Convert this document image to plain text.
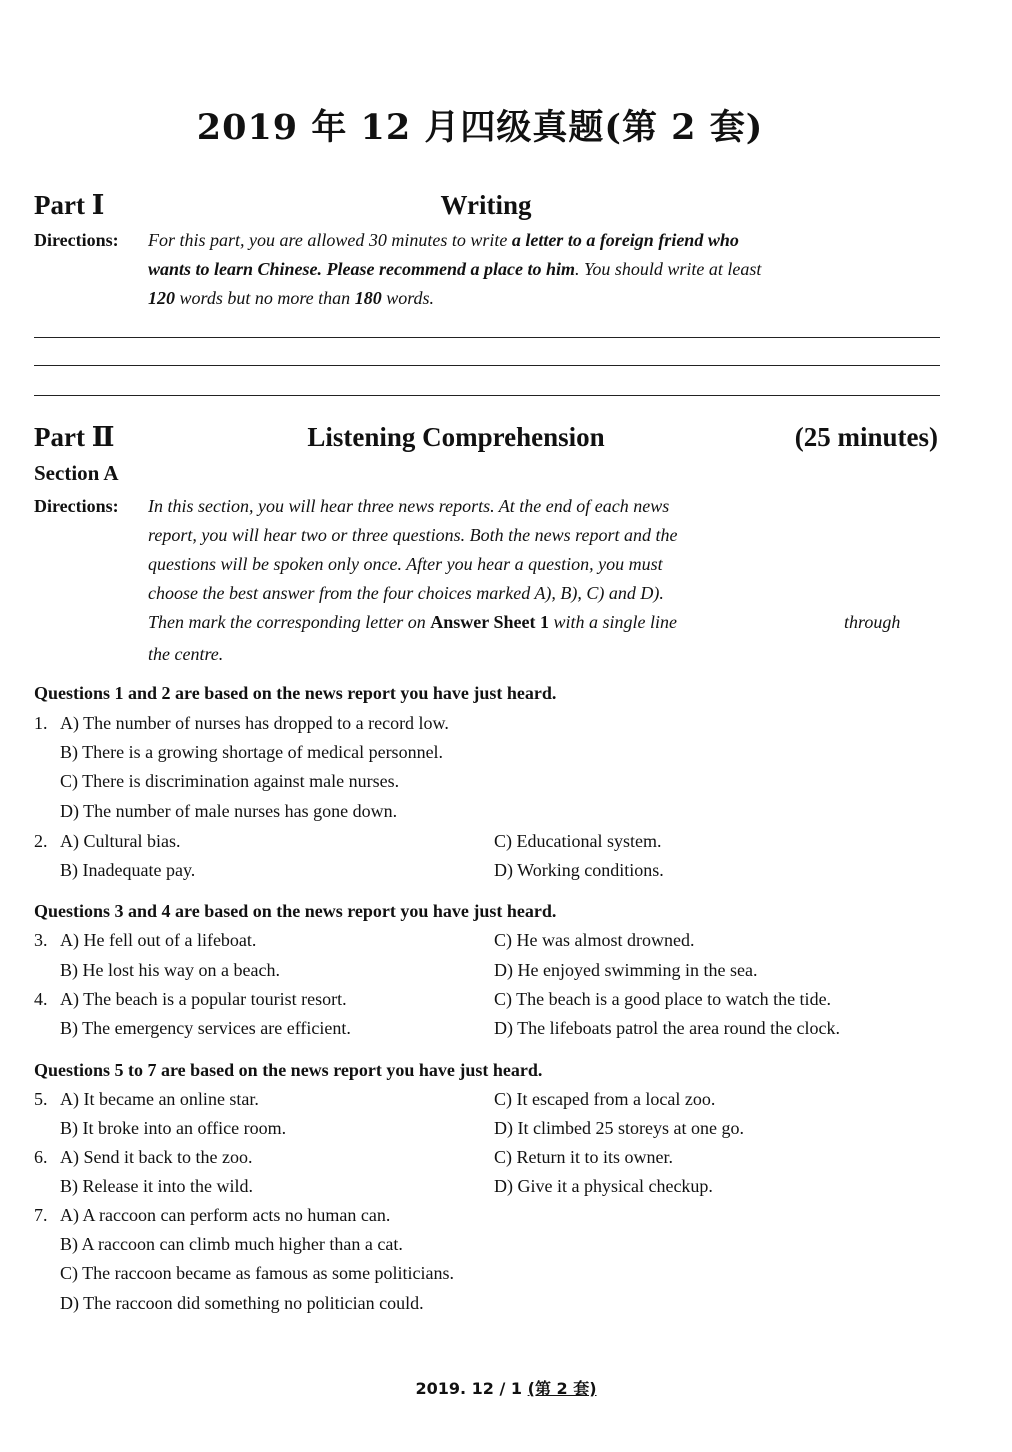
2019 年 12 月四级真题(第 2 套)
Part Ⅰ	Writing
Directions: For this part, you are allowed 30 minutes to write a letter to a foreign friend who
wants to learn Chinese. Please recommend a place to him. You should write at least
120 words but no more than 180 words.
Part Ⅱ	Listening Comprehension	(25 minutes)
Section A
Directions: In this section, you will hear three news reports. At the end of each news
report, you will hear two or three questions. Both the news report and the
questions will be spoken only once. After you hear a question, you must
choose the best answer from the four choices marked A), B), C) and D).
Then mark the corresponding letter on Answer Sheet 1 with a single line	through
the centre.
Questions 1 and 2 are based on the news report you have just heard.
1. A) The number of nurses has dropped to a record low.
B) There is a growing shortage of medical personnel.
C) There is discrimination against male nurses.
D) The number of male nurses has gone down.
2. A) Cultural bias.	C) Educational system.
B) Inadequate pay.	D) Working conditions.
Questions 3 and 4 are based on the news report you have just heard.
3. A) He fell out of a lifeboat.	C) He was almost drowned.
B) He lost his way on a beach.	D) He enjoyed swimming in the sea.
4. A) The beach is a popular tourist resort.	C) The beach is a good place to watch the tide.
B) The emergency services are efficient.	D) The lifeboats patrol the area round the clock.
Questions 5 to 7 are based on the news report you have just heard.
5. A) It became an online star.	C) It escaped from a local zoo.
B) It broke into an office room.	D) It climbed 25 storeys at one go.
6. A) Send it back to the zoo.	C) Return it to its owner.
B) Release it into the wild.	D) Give it a physical checkup.
7. A) A raccoon can perform acts no human can.
B) A raccoon can climb much higher than a cat.
C) The raccoon became as famous as some politicians.
D) The raccoon did something no politician could.
2019. 12 / 1 (第 2 套)
